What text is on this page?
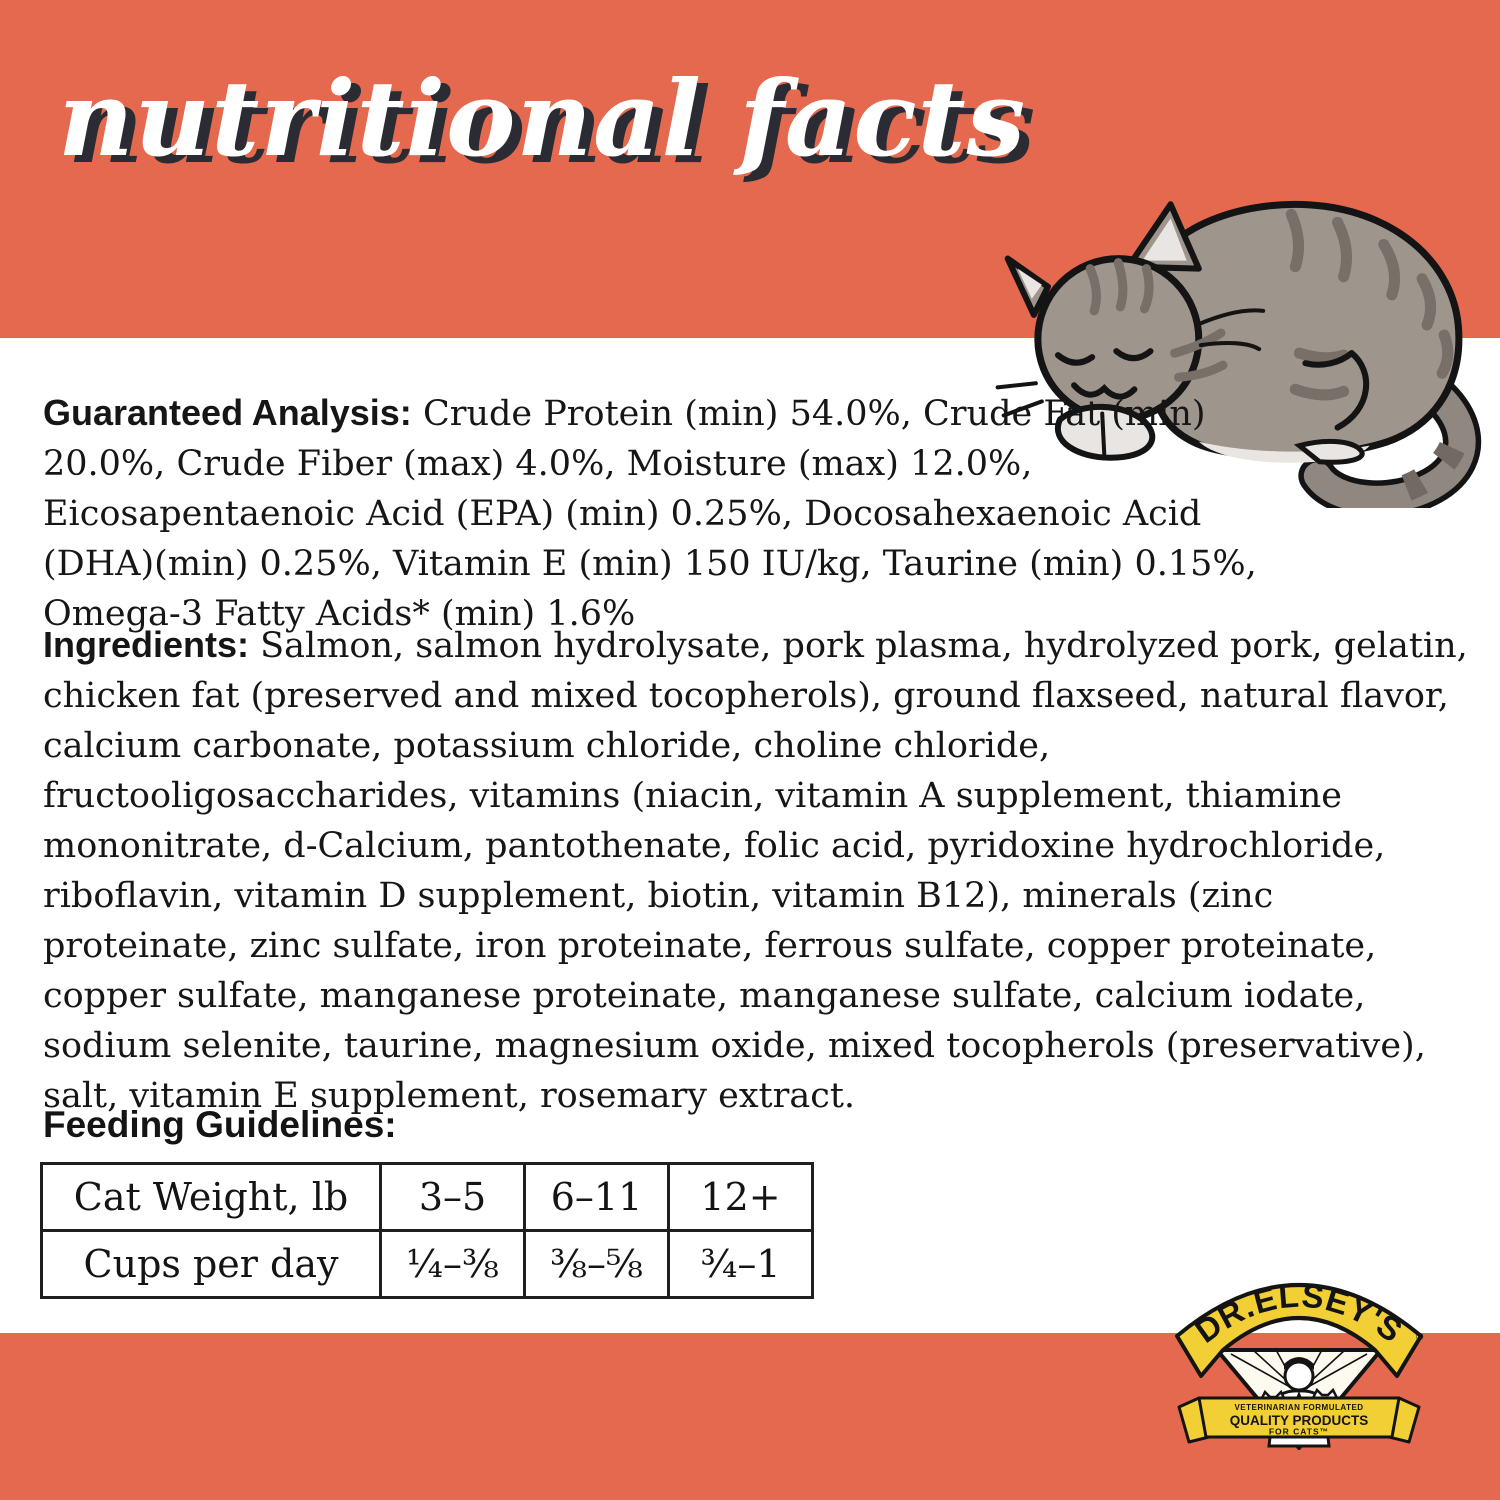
nutritional facts

Guaranteed Analysis: Crude Protein (min) 54.0%, Crude Fat (min) 20.0%, Crude Fiber (max) 4.0%, Moisture (max) 12.0%, Eicosapentaenoic Acid (EPA) (min) 0.25%, Docosahexaenoic Acid (DHA)(min) 0.25%, Vitamin E (min) 150 IU/kg, Taurine (min) 0.15%, Omega-3 Fatty Acids* (min) 1.6%

Ingredients: Salmon, salmon hydrolysate, pork plasma, hydrolyzed pork, gelatin, chicken fat (preserved and mixed tocopherols), ground flaxseed, natural flavor, calcium carbonate, potassium chloride, choline chloride, fructooligosaccharides, vitamins (niacin, vitamin A supplement, thiamine mononitrate, d-Calcium, pantothenate, folic acid, pyridoxine hydrochloride, riboflavin, vitamin D supplement, biotin, vitamin B12), minerals (zinc proteinate, zinc sulfate, iron proteinate, ferrous sulfate, copper proteinate, copper sulfate, manganese proteinate, manganese sulfate, calcium iodate, sodium selenite, taurine, magnesium oxide, mixed tocopherols (preservative), salt, vitamin E supplement, rosemary extract.

Feeding Guidelines:
Cat Weight, lb	3–5	6–11	12+
Cups per day	¼–⅜	⅜–⅝	¾–1
DR.ELSEY'S ®
VETERINARIAN FORMULATED
QUALITY PRODUCTS
FOR CATS™
